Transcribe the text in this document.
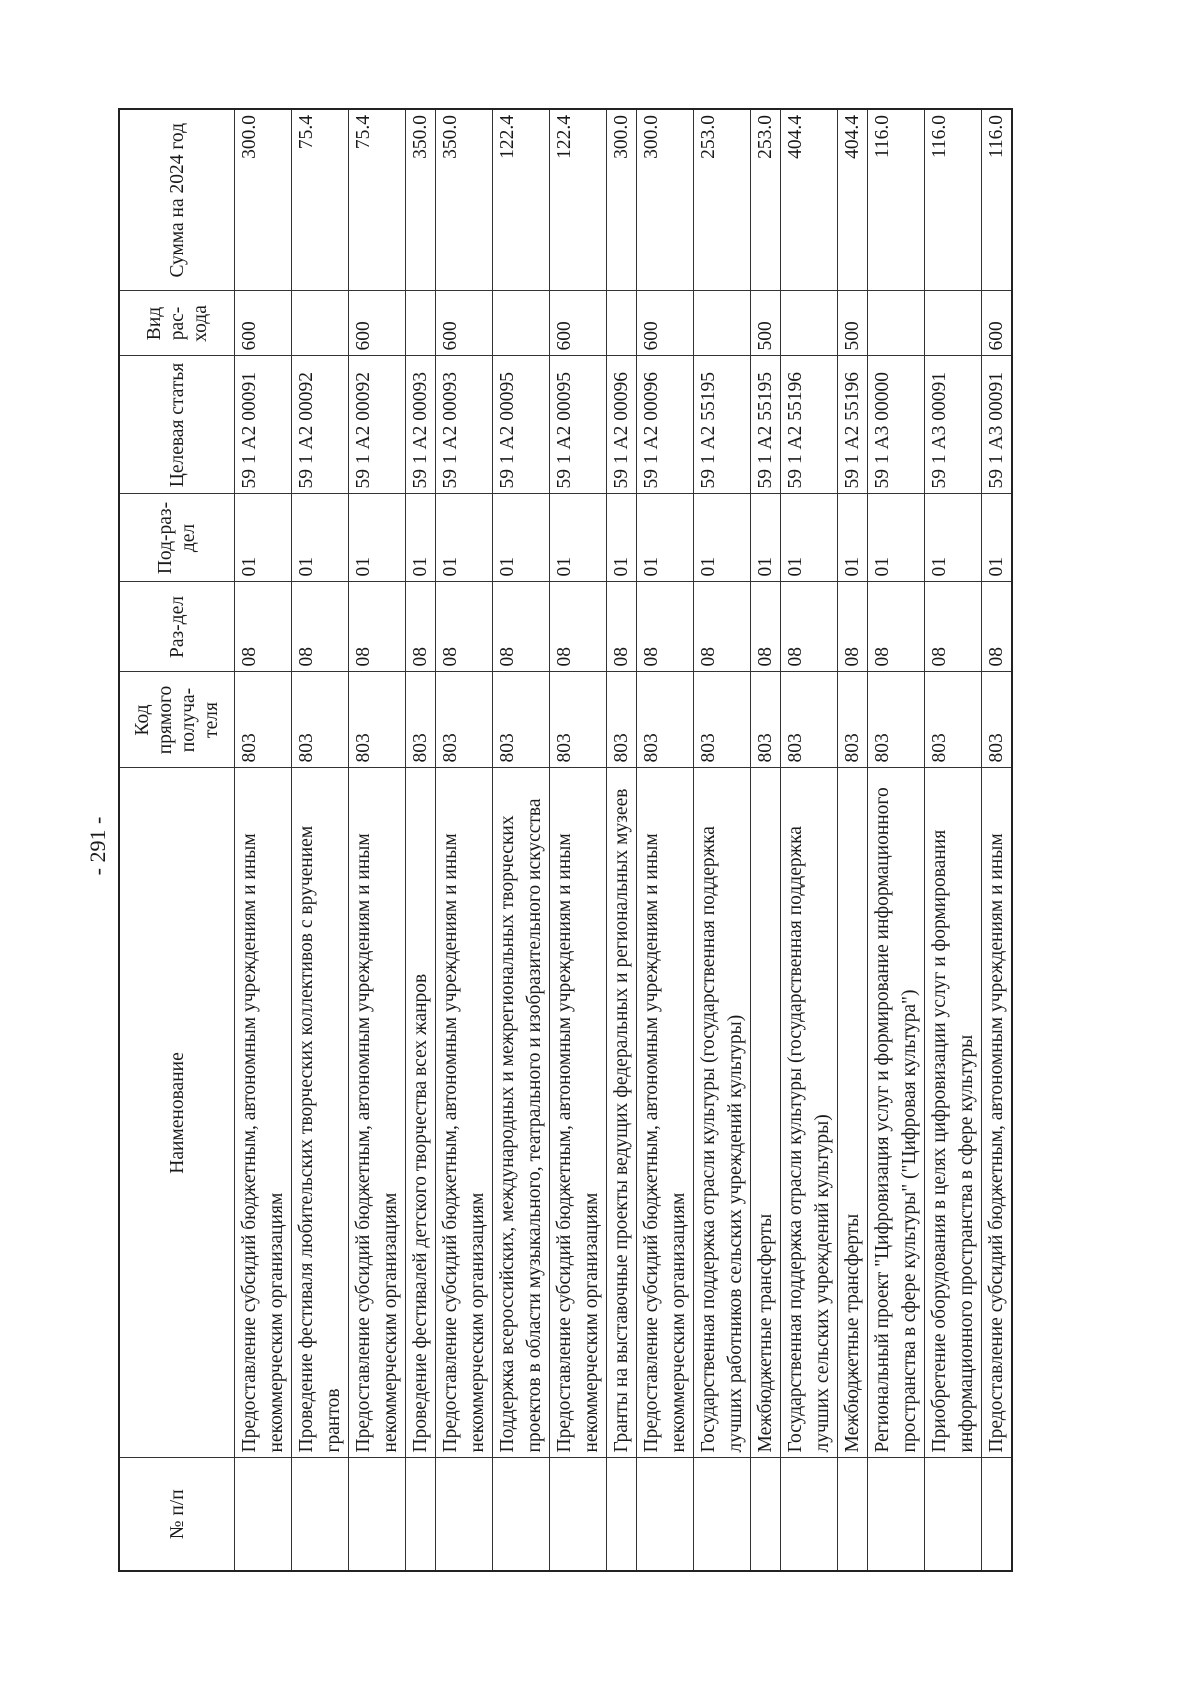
- 291 -
№ п/п	Наименование	Код прямого получа-теля	Раз-дел	Под-раз-дел	Целевая статья	Вид рас-хода	Сумма на 2024 год
	Предоставление субсидий бюджетным, автономным учреждениям и иным некоммерческим организациям	803	08	01	59 1 А2 00091	600	300.0
	Проведение фестиваля любительских творческих коллективов с вручением грантов	803	08	01	59 1 А2 00092		75.4
	Предоставление субсидий бюджетным, автономным учреждениям и иным некоммерческим организациям	803	08	01	59 1 А2 00092	600	75.4
	Проведение фестивалей детского творчества всех жанров	803	08	01	59 1 А2 00093		350.0
	Предоставление субсидий бюджетным, автономным учреждениям и иным некоммерческим организациям	803	08	01	59 1 А2 00093	600	350.0
	Поддержка всероссийских, международных и межрегиональных творческих проектов в области музыкального, театрального и изобразительного искусства	803	08	01	59 1 А2 00095		122.4
	Предоставление субсидий бюджетным, автономным учреждениям и иным некоммерческим организациям	803	08	01	59 1 А2 00095	600	122.4
	Гранты на выставочные проекты ведущих федеральных и региональных музеев	803	08	01	59 1 А2 00096		300.0
	Предоставление субсидий бюджетным, автономным учреждениям и иным некоммерческим организациям	803	08	01	59 1 А2 00096	600	300.0
	Государственная поддержка отрасли культуры (государственная поддержка лучших работников сельских учреждений культуры)	803	08	01	59 1 А2 55195		253.0
	Межбюджетные трансферты	803	08	01	59 1 А2 55195	500	253.0
	Государственная поддержка отрасли культуры (государственная поддержка лучших сельских учреждений культуры)	803	08	01	59 1 А2 55196		404.4
	Межбюджетные трансферты	803	08	01	59 1 А2 55196	500	404.4
	Региональный проект "Цифровизация услуг и формирование информационного пространства в сфере культуры" ("Цифровая культура")	803	08	01	59 1 А3 00000		116.0
	Приобретение оборудования в целях цифровизации услуг и формирования информационного пространства в сфере культуры	803	08	01	59 1 А3 00091		116.0
	Предоставление субсидий бюджетным, автономным учреждениям и иным	803	08	01	59 1 А3 00091	600	116.0
